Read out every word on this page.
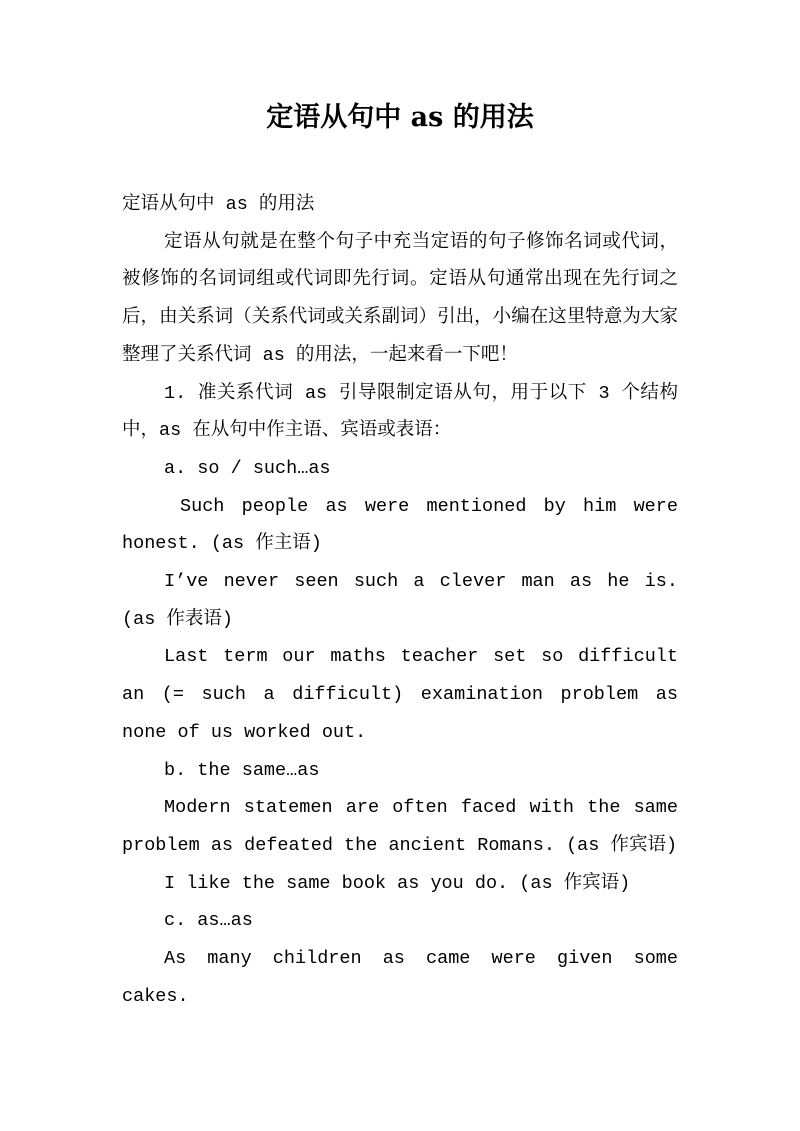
定语从句中 as 的用法

定语从句中 as 的用法

定语从句就是在整个句子中充当定语的句子修饰名词或代词，被修饰的名词词组或代词即先行词。定语从句通常出现在先行词之后，由关系词（关系代词或关系副词）引出，小编在这里特意为大家整理了关系代词 as 的用法，一起来看一下吧！

1. 准关系代词 as 引导限制定语从句，用于以下 3 个结构中，as 在从句中作主语、宾语或表语：

a. so / such…as

Such people as were mentioned by him were honest. (as 作主语)

I’ve never seen such a clever man as he is. (as 作表语)

Last term our maths teacher set so difficult an (= such a difficult) examination problem as none of us worked out.

b. the same…as

Modern statemen are often faced with the same problem as defeated the ancient Romans. (as 作宾语)

I like the same book as you do. (as 作宾语)

c. as…as

As many children as came were given some cakes.
